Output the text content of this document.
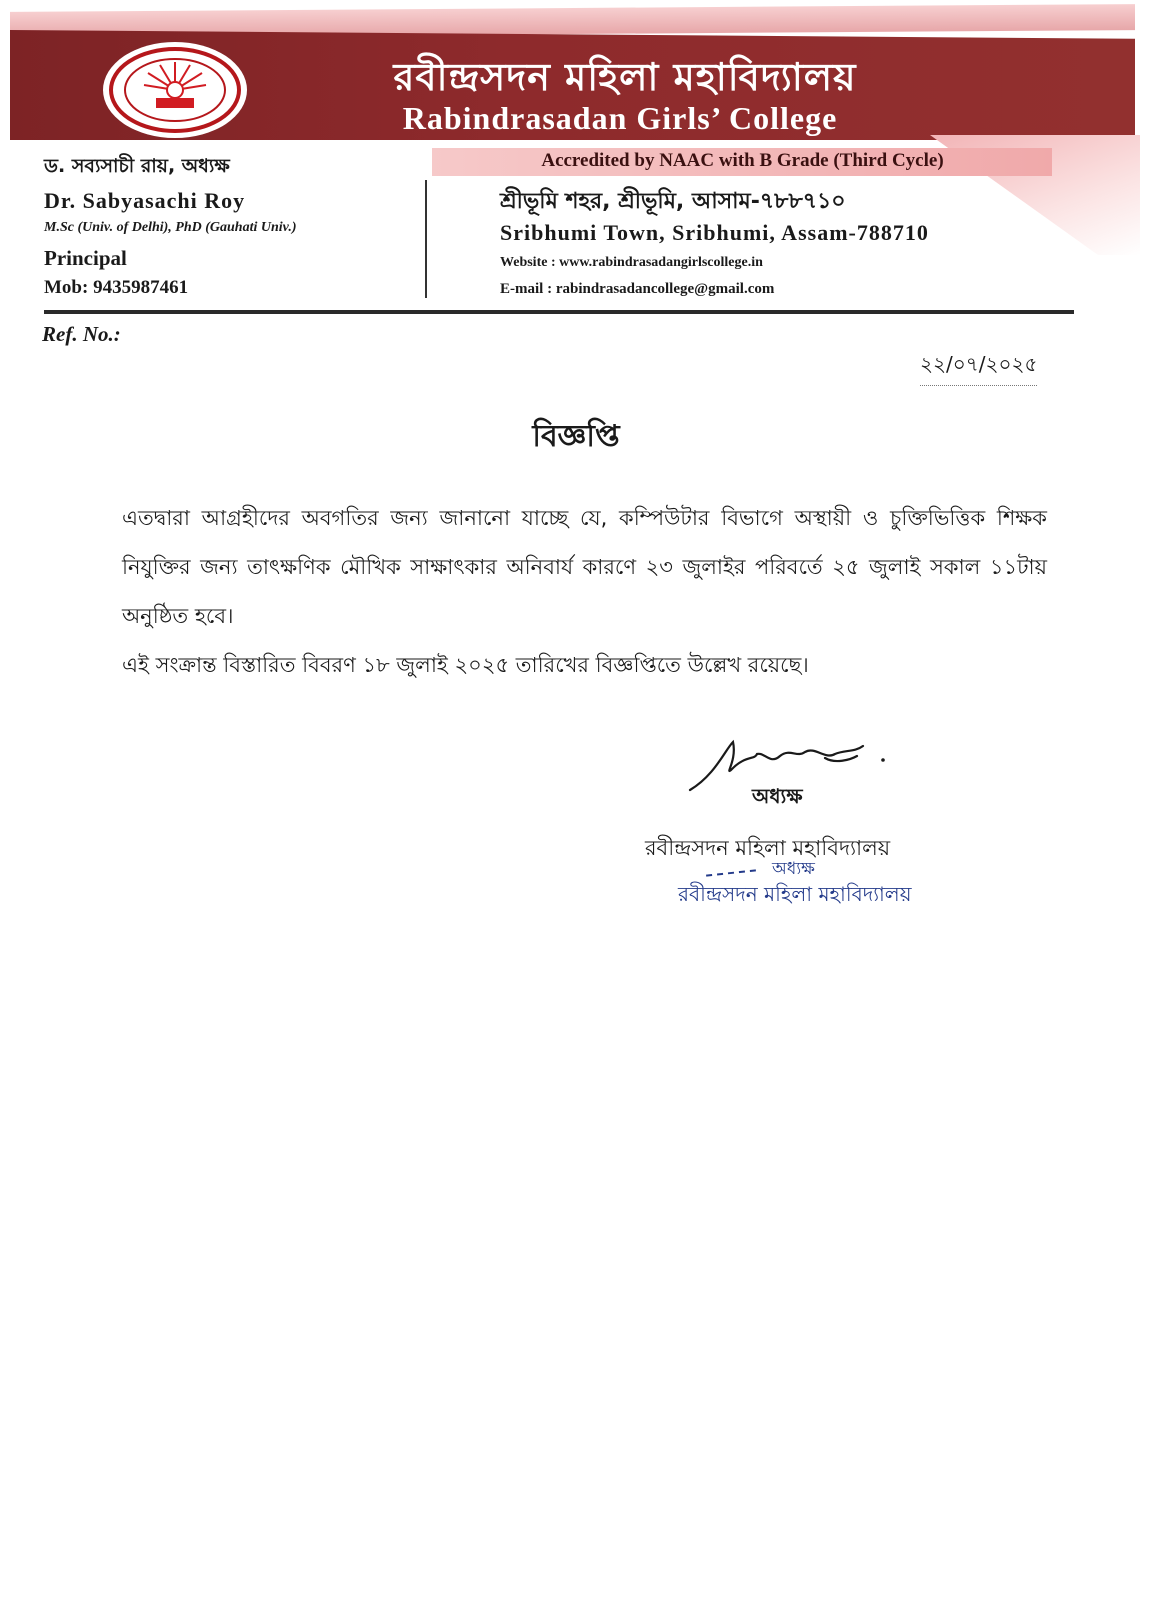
রবীন্দ্রসদন মহিলা মহাবিদ্যালয়
Rabindrasadan Girls’ College
Accredited by NAAC with B Grade (Third Cycle)
ড. সব্যসাচী রায়, অধ্যক্ষ
Dr. Sabyasachi Roy
M.Sc (Univ. of Delhi), PhD (Gauhati Univ.)
Principal
Mob: 9435987461
শ্রীভূমি শহর, শ্রীভূমি, আসাম-৭৮৮৭১০
Sribhumi Town, Sribhumi, Assam-788710
Website : www.rabindrasadangirlscollege.in
E-mail : rabindrasadancollege@gmail.com
Ref. No.:
২২/০৭/২০২৫
বিজ্ঞপ্তি
এতদ্বারা আগ্রহীদের অবগতির জন্য জানানো যাচ্ছে যে, কম্পিউটার বিভাগে অস্থায়ী ও চুক্তিভিত্তিক শিক্ষক নিযুক্তির জন্য তাৎক্ষণিক মৌখিক সাক্ষাৎকার অনিবার্য কারণে ২৩ জুলাইর পরিবর্তে ২৫ জুলাই সকাল ১১টায় অনুষ্ঠিত হবে।
এই সংক্রান্ত বিস্তারিত বিবরণ ১৮ জুলাই ২০২৫ তারিখের বিজ্ঞপ্তিতে উল্লেখ রয়েছে।
অধ্যক্ষ
রবীন্দ্রসদন মহিলা মহাবিদ্যালয়
অধ্যক্ষ
রবীন্দ্রসদন মহিলা মহাবিদ্যালয়
